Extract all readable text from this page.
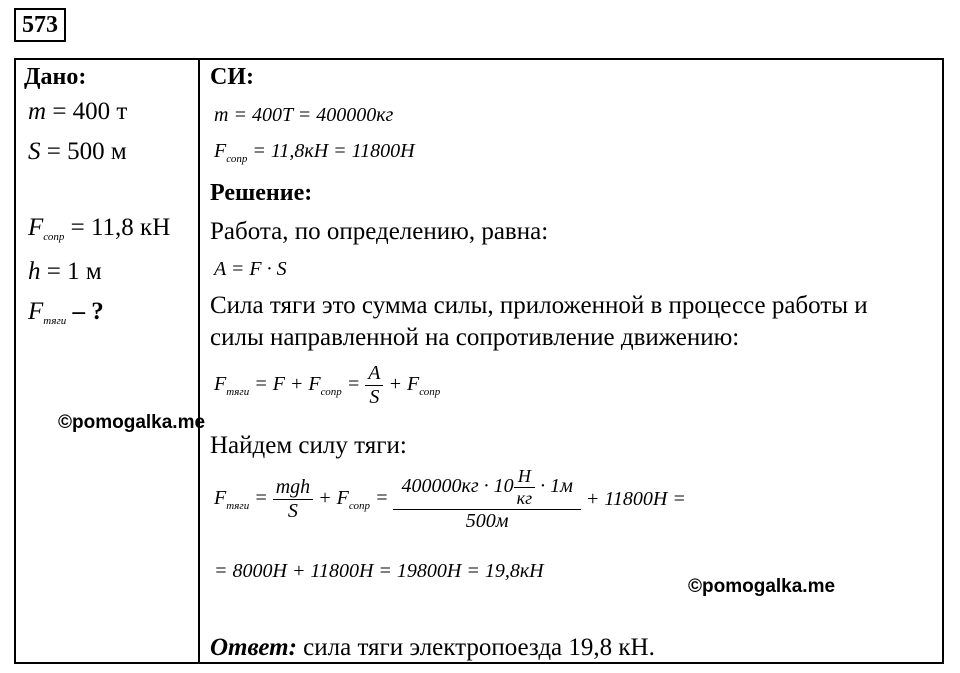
573
Дано:
m = 400 т
S = 500 м
$F_{сопр} = 11,8$ кН
h = 1 м
$F_{тяги}$ – ?
©pomogalka.me
СИ:
m = 400T = 400000кг
$F_{сопр} = 11,8кН = 11800Н$
Решение:
Работа, по определению, равна:
A = F · S
Сила тяги это сумма силы, приложенной в процессе работы и
силы направленной на сопротивление движению:
$F_{тяги} = F + F_{сопр} = \frac{A}{S} + F_{сопр}$
Найдем силу тяги:
$F_{тяги} = \frac{\text{mgh}}{S} + F_{сопр} = \frac{400000кг \cdot 10 \frac{Н}{кг} \cdot 1м}{500м} + 11800Н$ =
= 8000Н + 11800Н = 19800Н = 19,8кН
©pomogalka.me
Ответ: сила тяги электропоезда 19,8 кН.
